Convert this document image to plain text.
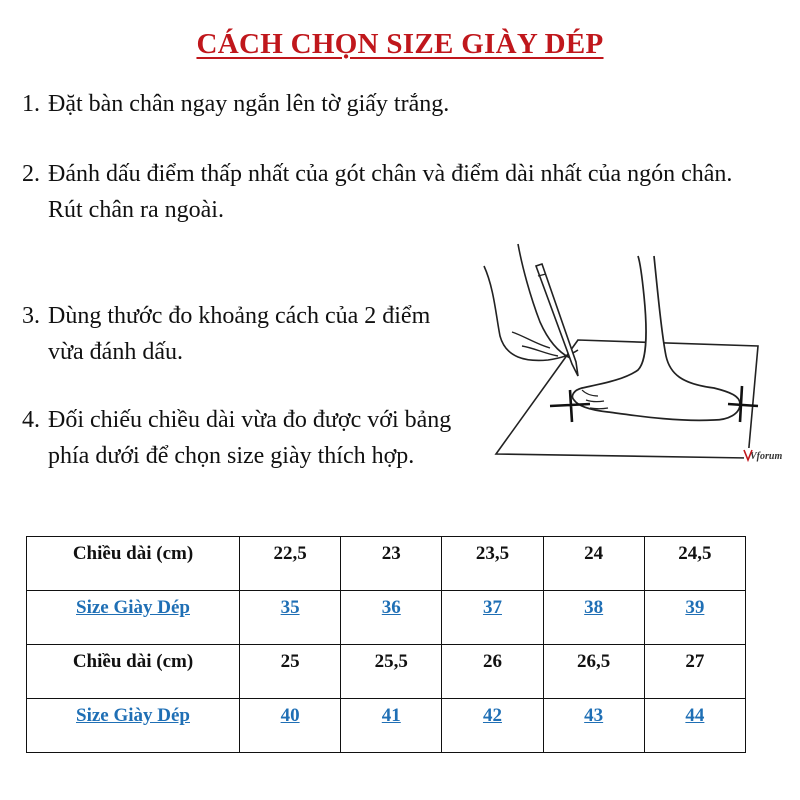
CÁCH CHỌN SIZE GIÀY DÉP
1. Đặt bàn chân ngay ngắn lên tờ giấy trắng.
2. Đánh dấu điểm thấp nhất của gót chân và điểm dài nhất của ngón chân. Rút chân ra ngoài.
3. Dùng thước đo khoảng cách của 2 điểm vừa đánh dấu.
4. Đối chiếu chiều dài vừa đo được với bảng phía dưới để chọn size giày thích hợp.	Vforum
Chiều dài (cm)	22,5	23	23,5	24	24,5
Size Giày Dép	35	36	37	38	39
Chiều dài (cm)	25	25,5	26	26,5	27
Size Giày Dép	40	41	42	43	44
